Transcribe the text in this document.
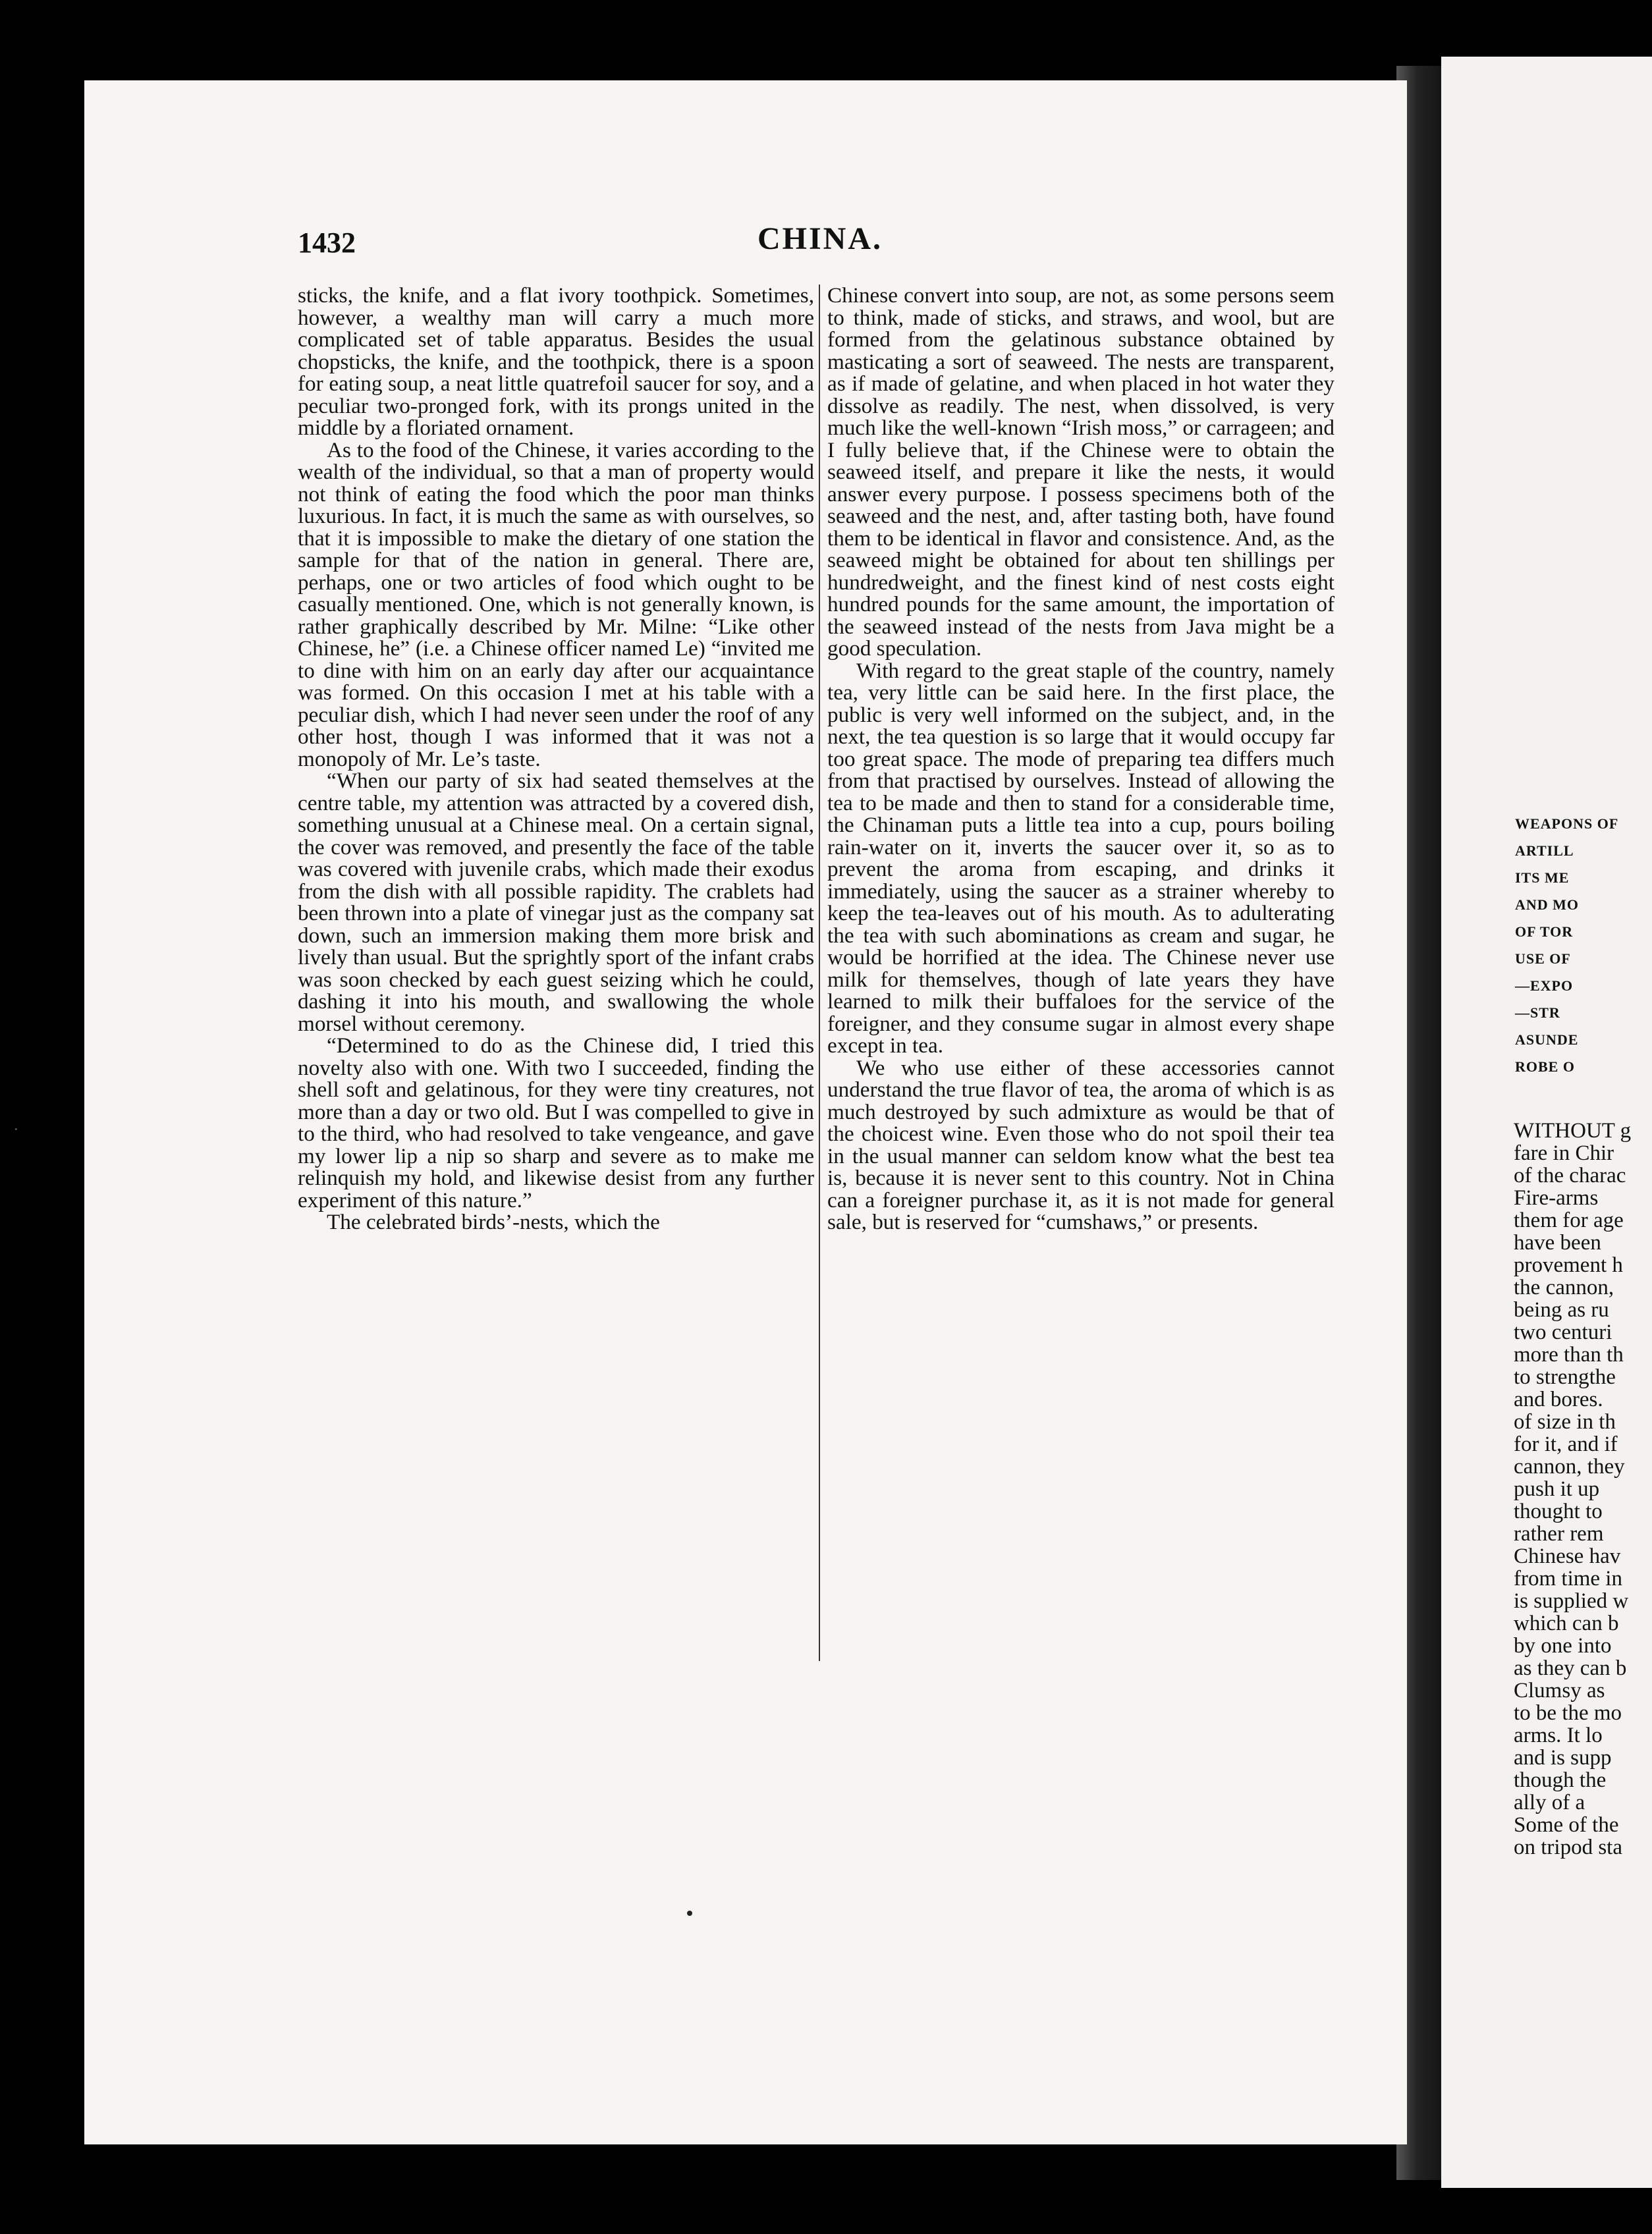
1432	CHINA.

sticks, the knife, and a flat ivory toothpick. Sometimes, however, a wealthy man will carry a much more complicated set of table apparatus. Besides the usual chopsticks, the knife, and the toothpick, there is a spoon for eating soup, a neat little quatrefoil saucer for soy, and a peculiar two-pronged fork, with its prongs united in the middle by a floriated ornament.

As to the food of the Chinese, it varies according to the wealth of the individual, so that a man of property would not think of eating the food which the poor man thinks luxurious. In fact, it is much the same as with ourselves, so that it is impossible to make the dietary of one station the sample for that of the nation in general. There are, perhaps, one or two articles of food which ought to be casually mentioned. One, which is not generally known, is rather graphically described by Mr. Milne: “Like other Chinese, he” (i.e. a Chinese officer named Le) “invited me to dine with him on an early day after our acquaintance was formed. On this occasion I met at his table with a peculiar dish, which I had never seen under the roof of any other host, though I was informed that it was not a monopoly of Mr. Le’s taste.

“When our party of six had seated themselves at the centre table, my attention was attracted by a covered dish, something unusual at a Chinese meal. On a certain signal, the cover was removed, and presently the face of the table was covered with juvenile crabs, which made their exodus from the dish with all possible rapidity. The crablets had been thrown into a plate of vinegar just as the company sat down, such an immersion making them more brisk and lively than usual. But the sprightly sport of the infant crabs was soon checked by each guest seizing which he could, dashing it into his mouth, and swallowing the whole morsel without ceremony.

“Determined to do as the Chinese did, I tried this novelty also with one. With two I succeeded, finding the shell soft and gelatinous, for they were tiny creatures, not more than a day or two old. But I was compelled to give in to the third, who had resolved to take vengeance, and gave my lower lip a nip so sharp and severe as to make me relinquish my hold, and likewise desist from any further experiment of this nature.”

The celebrated birds’-nests, which the

Chinese convert into soup, are not, as some persons seem to think, made of sticks, and straws, and wool, but are formed from the gelatinous substance obtained by masticating a sort of seaweed. The nests are transparent, as if made of gelatine, and when placed in hot water they dissolve as readily. The nest, when dissolved, is very much like the well-known “Irish moss,” or carrageen; and I fully believe that, if the Chinese were to obtain the seaweed itself, and prepare it like the nests, it would answer every purpose. I possess specimens both of the seaweed and the nest, and, after tasting both, have found them to be identical in flavor and consistence. And, as the seaweed might be obtained for about ten shillings per hundredweight, and the finest kind of nest costs eight hundred pounds for the same amount, the importation of the seaweed instead of the nests from Java might be a good speculation.

With regard to the great staple of the country, namely tea, very little can be said here. In the first place, the public is very well informed on the subject, and, in the next, the tea question is so large that it would occupy far too great space. The mode of preparing tea differs much from that practised by ourselves. Instead of allowing the tea to be made and then to stand for a considerable time, the Chinaman puts a little tea into a cup, pours boiling rain-water on it, inverts the saucer over it, so as to prevent the aroma from escaping, and drinks it immediately, using the saucer as a strainer whereby to keep the tea-leaves out of his mouth. As to adulterating the tea with such abominations as cream and sugar, he would be horrified at the idea. The Chinese never use milk for themselves, though of late years they have learned to milk their buffaloes for the service of the foreigner, and they consume sugar in almost every shape except in tea.

We who use either of these accessories cannot understand the true flavor of tea, the aroma of which is as much destroyed by such admixture as would be that of the choicest wine. Even those who do not spoil their tea in the usual manner can seldom know what the best tea is, because it is never sent to this country. Not in China can a foreigner purchase it, as it is not made for general sale, but is reserved for “cumshaws,” or presents.

·
WEAPONS OF
ARTILL
ITS ME
AND MO
OF TOR
USE OF
—EXPO
—STR
ASUNDE
ROBE O
WITHOUT g
fare in Chir
of the charac
Fire-arms
them for age
have been
provement h
the cannon,
being as ru
two centuri
more than th
to strengthe
and bores.
of size in th
for it, and if
cannon, they
push it up
thought to
rather rem
Chinese hav
from time in
is supplied w
which can b
by one into
as they can b
Clumsy as
to be the mo
arms. It lo
and is supp
though the
ally of a
Some of the
on tripod sta
